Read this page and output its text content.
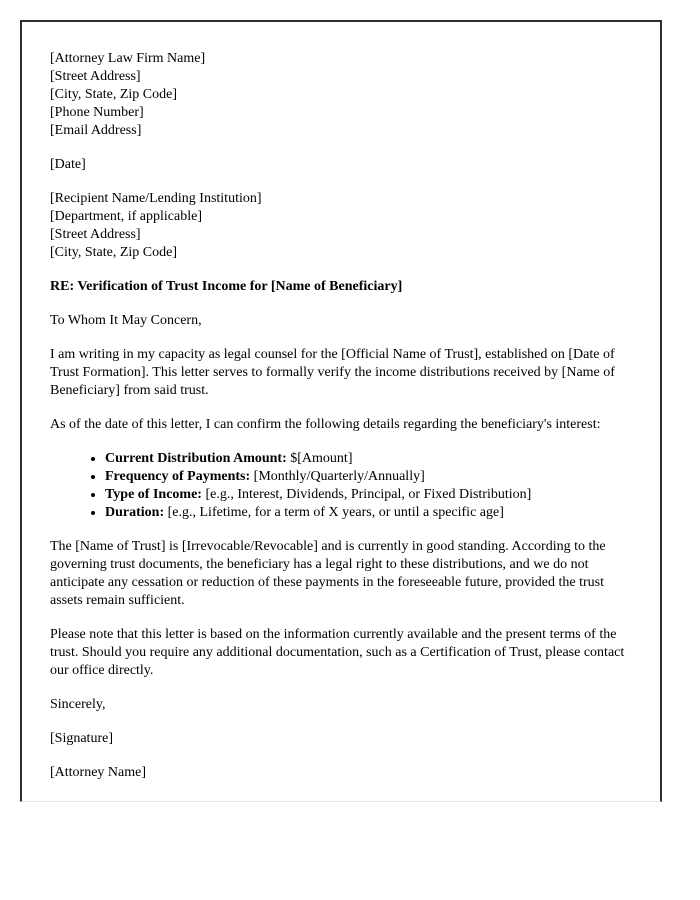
[Attorney Law Firm Name]
[Street Address]
[City, State, Zip Code]
[Phone Number]
[Email Address]
[Date]
[Recipient Name/Lending Institution]
[Department, if applicable]
[Street Address]
[City, State, Zip Code]

RE: Verification of Trust Income for [Name of Beneficiary]

To Whom It May Concern,

I am writing in my capacity as legal counsel for the [Official Name of Trust], established on [Date of Trust Formation]. This letter serves to formally verify the income distributions received by [Name of Beneficiary] from said trust.

As of the date of this letter, I can confirm the following details regarding the beneficiary's interest:

• Current Distribution Amount: $[Amount]
• Frequency of Payments: [Monthly/Quarterly/Annually]
• Type of Income: [e.g., Interest, Dividends, Principal, or Fixed Distribution]
• Duration: [e.g., Lifetime, for a term of X years, or until a specific age]

The [Name of Trust] is [Irrevocable/Revocable] and is currently in good standing. According to the governing trust documents, the beneficiary has a legal right to these distributions, and we do not anticipate any cessation or reduction of these payments in the foreseeable future, provided the trust assets remain sufficient.

Please note that this letter is based on the information currently available and the present terms of the trust. Should you require any additional documentation, such as a Certification of Trust, please contact our office directly.

Sincerely,

[Signature]

[Attorney Name]
